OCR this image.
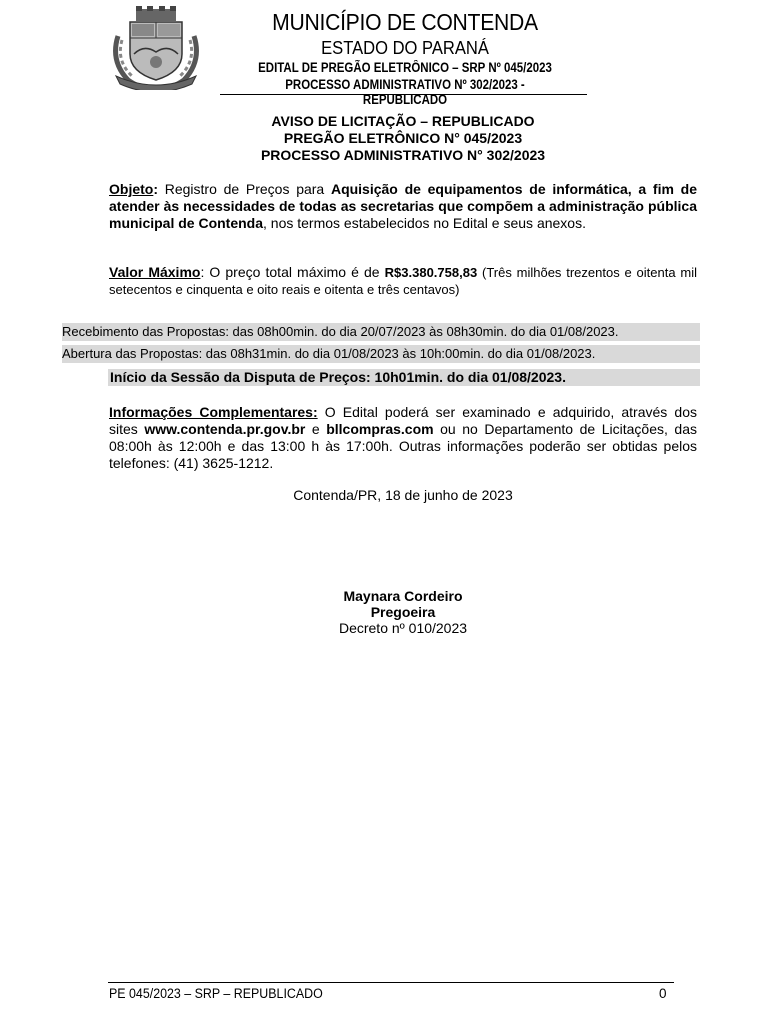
MUNICÍPIO DE CONTENDA
ESTADO DO PARANÁ
EDITAL DE PREGÃO ELETRÔNICO – SRP Nº 045/2023
PROCESSO ADMINISTRATIVO Nº 302/2023 - REPUBLICADO
AVISO DE LICITAÇÃO – REPUBLICADO
PREGÃO ELETRÔNICO N° 045/2023
PROCESSO ADMINISTRATIVO N° 302/2023
Objeto: Registro de Preços para Aquisição de equipamentos de informática, a fim de atender às necessidades de todas as secretarias que compõem a administração pública municipal de Contenda, nos termos estabelecidos no Edital e seus anexos.
Valor Máximo: O preço total máximo é de R$3.380.758,83 (Três milhões trezentos e oitenta mil setecentos e cinquenta e oito reais e oitenta e três centavos)
Recebimento das Propostas: das 08h00min. do dia 20/07/2023 às 08h30min. do dia 01/08/2023.
Abertura das Propostas: das 08h31min. do dia 01/08/2023 às 10h:00min. do dia 01/08/2023.
Início da Sessão da Disputa de Preços: 10h01min. do dia 01/08/2023.
Informações Complementares: O Edital poderá ser examinado e adquirido, através dos sites www.contenda.pr.gov.br e bllcompras.com ou no Departamento de Licitações, das 08:00h às 12:00h e das 13:00 h às 17:00h. Outras informações poderão ser obtidas pelos telefones: (41) 3625-1212.
Contenda/PR, 18 de junho de 2023
Maynara Cordeiro
Pregoeira
Decreto nº 010/2023
PE 045/2023 – SRP – REPUBLICADO	0
